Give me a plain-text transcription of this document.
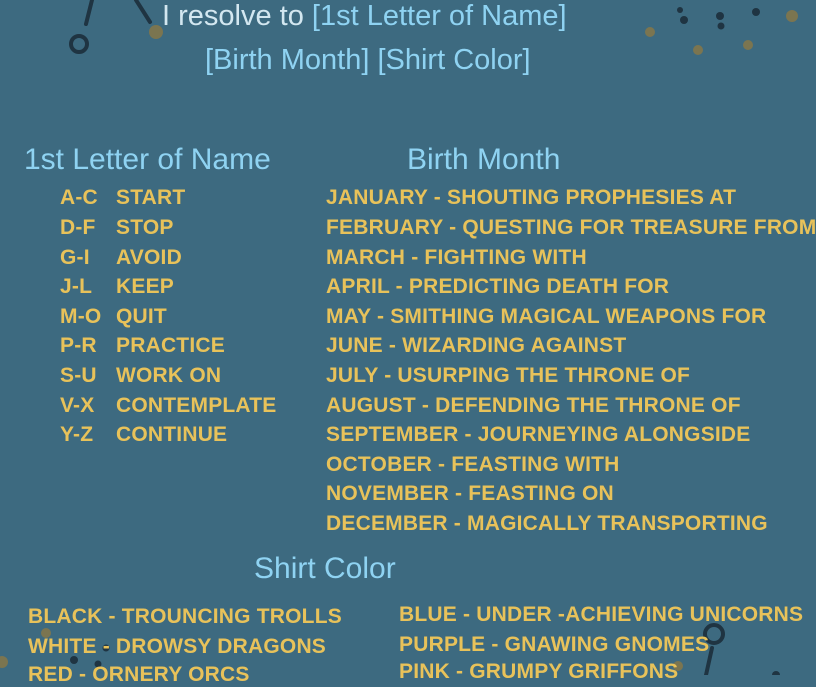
I resolve to [1st Letter of Name]
[Birth Month] [Shirt Color]
1st Letter of Name	Birth Month
Shirt Color
A-C START
D-F STOP
G-I AVOID
J-L KEEP
M-O QUIT
P-R PRACTICE
S-U WORK ON
V-X CONTEMPLATE
Y-Z CONTINUE
JANUARY - SHOUTING PROPHESIES AT
FEBRUARY - QUESTING FOR TREASURE FROM
MARCH - FIGHTING WITH
APRIL - PREDICTING DEATH FOR
MAY - SMITHING MAGICAL WEAPONS FOR
JUNE - WIZARDING AGAINST
JULY - USURPING THE THRONE OF
AUGUST - DEFENDING THE THRONE OF
SEPTEMBER - JOURNEYING ALONGSIDE
OCTOBER - FEASTING WITH
NOVEMBER - FEASTING ON
DECEMBER - MAGICALLY TRANSPORTING
BLACK - TROUNCING TROLLS
WHITE - DROWSY DRAGONS
RED - ORNERY ORCS
BLUE - UNDER -ACHIEVING UNICORNS
PURPLE - GNAWING GNOMES
PINK - GRUMPY GRIFFONS
